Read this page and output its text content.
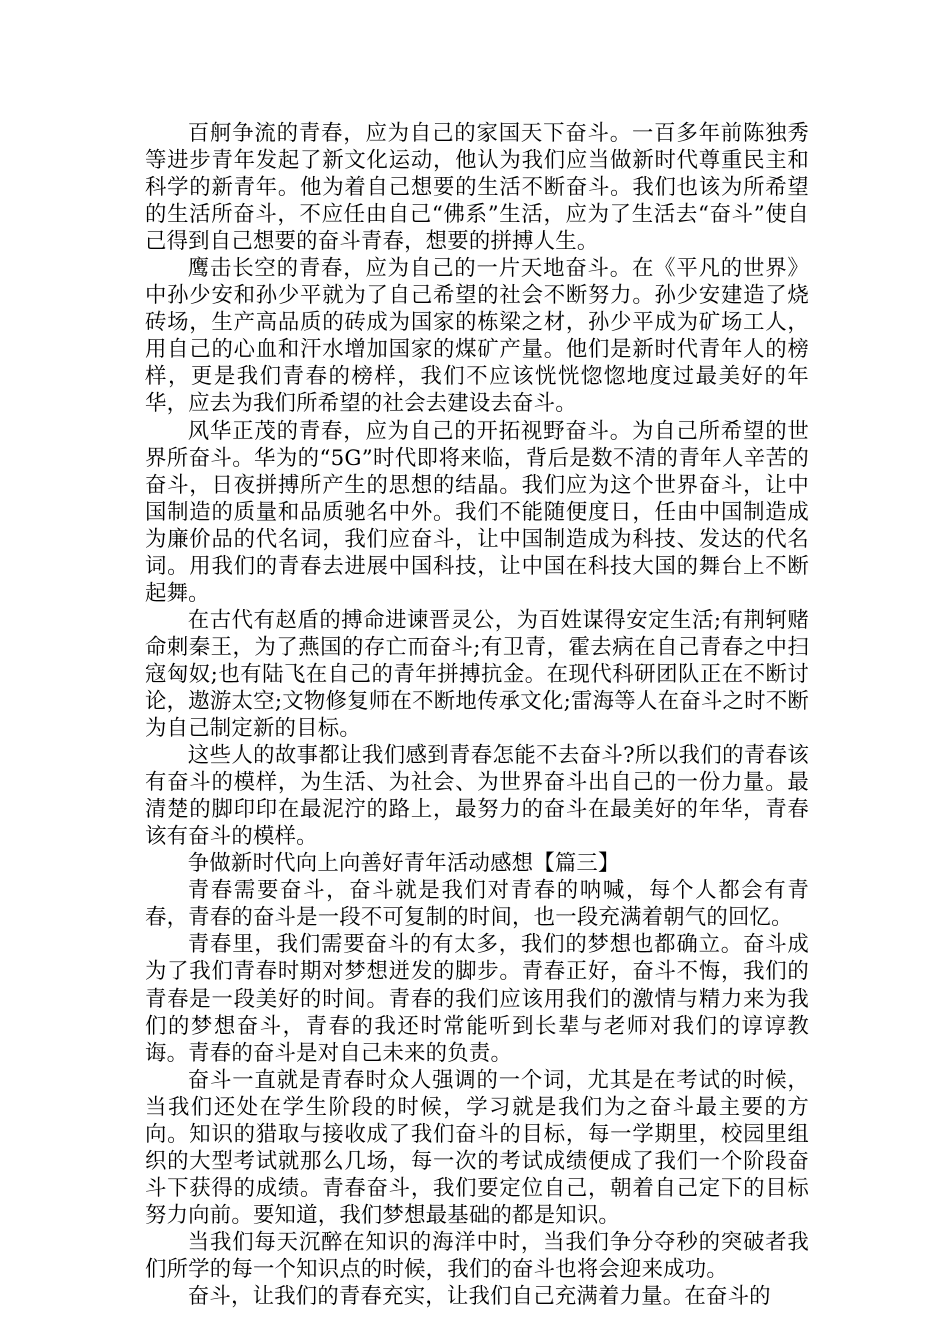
百舸争流的青春，应为自己的家国天下奋斗。一百多年前陈独秀等进步青年发起了新文化运动，他认为我们应当做新时代尊重民主和科学的新青年。他为着自己想要的生活不断奋斗。我们也该为所希望的生活所奋斗，不应任由自己“佛系”生活，应为了生活去“奋斗”使自己得到自己想要的奋斗青春，想要的拼搏人生。

鹰击长空的青春，应为自己的一片天地奋斗。在《平凡的世界》中孙少安和孙少平就为了自己希望的社会不断努力。孙少安建造了烧砖场，生产高品质的砖成为国家的栋梁之材，孙少平成为矿场工人，用自己的心血和汗水增加国家的煤矿产量。他们是新时代青年人的榜样，更是我们青春的榜样，我们不应该恍恍惚惚地度过最美好的年华，应去为我们所希望的社会去建设去奋斗。

风华正茂的青春，应为自己的开拓视野奋斗。为自己所希望的世界所奋斗。华为的“5G”时代即将来临，背后是数不清的青年人辛苦的奋斗，日夜拼搏所产生的思想的结晶。我们应为这个世界奋斗，让中国制造的质量和品质驰名中外。我们不能随便度日，任由中国制造成为廉价品的代名词，我们应奋斗，让中国制造成为科技、发达的代名词。用我们的青春去进展中国科技，让中国在科技大国的舞台上不断起舞。

在古代有赵盾的搏命进谏晋灵公，为百姓谋得安定生活;有荆轲赌命刺秦王，为了燕国的存亡而奋斗;有卫青，霍去病在自己青春之中扫寇匈奴;也有陆飞在自己的青年拼搏抗金。在现代科研团队正在不断讨论，遨游太空;文物修复师在不断地传承文化;雷海等人在奋斗之时不断为自己制定新的目标。

这些人的故事都让我们感到青春怎能不去奋斗?所以我们的青春该有奋斗的模样，为生活、为社会、为世界奋斗出自己的一份力量。最清楚的脚印印在最泥泞的路上，最努力的奋斗在最美好的年华，青春该有奋斗的模样。

争做新时代向上向善好青年活动感想【篇三】

青春需要奋斗，奋斗就是我们对青春的呐喊，每个人都会有青春，青春的奋斗是一段不可复制的时间，也一段充满着朝气的回忆。

青春里，我们需要奋斗的有太多，我们的梦想也都确立。奋斗成为了我们青春时期对梦想迸发的脚步。青春正好，奋斗不悔，我们的青春是一段美好的时间。青春的我们应该用我们的激情与精力来为我们的梦想奋斗，青春的我还时常能听到长辈与老师对我们的谆谆教诲。青春的奋斗是对自己未来的负责。

奋斗一直就是青春时众人强调的一个词，尤其是在考试的时候，当我们还处在学生阶段的时候，学习就是我们为之奋斗最主要的方向。知识的猎取与接收成了我们奋斗的目标，每一学期里，校园里组织的大型考试就那么几场，每一次的考试成绩便成了我们一个阶段奋斗下获得的成绩。青春奋斗，我们要定位自己，朝着自己定下的目标努力向前。要知道，我们梦想最基础的都是知识。

当我们每天沉醉在知识的海洋中时，当我们争分夺秒的突破者我们所学的每一个知识点的时候，我们的奋斗也将会迎来成功。

奋斗，让我们的青春充实，让我们自己充满着力量。在奋斗的
